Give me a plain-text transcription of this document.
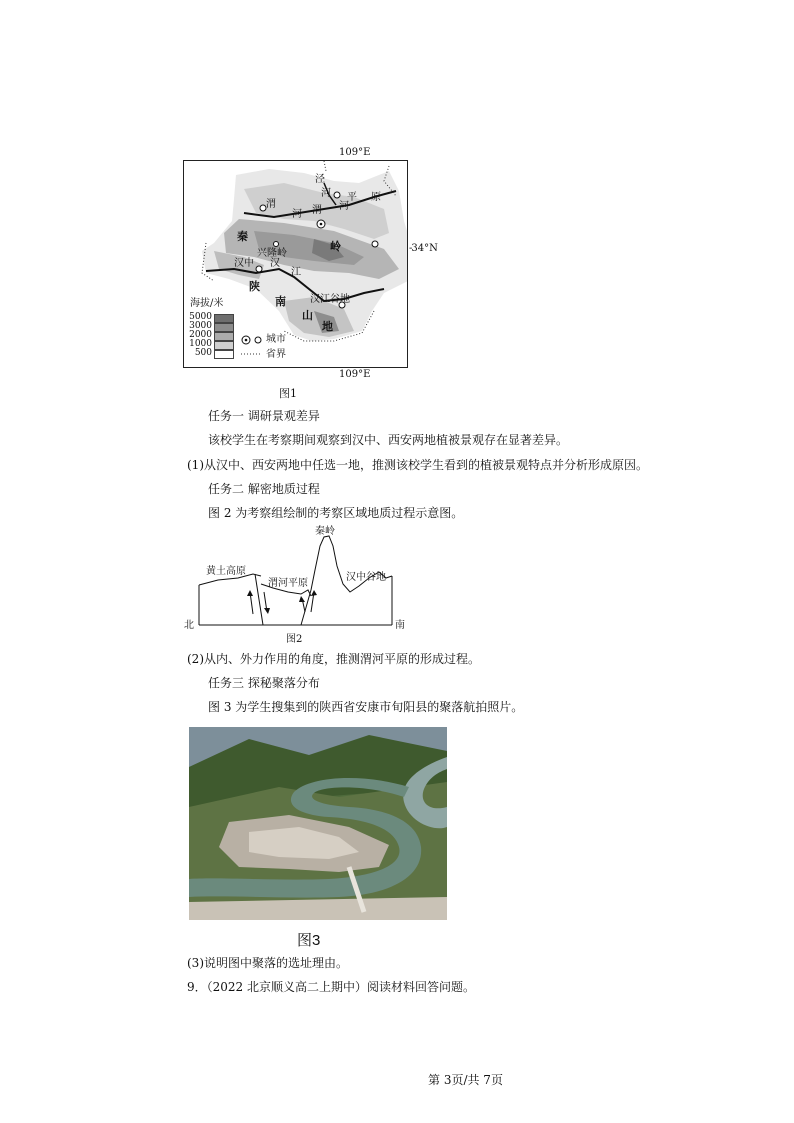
109°E
泾
河 平 原
渭
河 渭 河
秦
岭
兴隆岭
汉中 汉
江
陕
南 汉江谷地
山
地
海拔/米
5000
3000
2000
1000
500
城市
省界
-34°N
109°E
图1
任务一 调研景观差异
该校学生在考察期间观察到汉中、西安两地植被景观存在显著差异。
(1)从汉中、西安两地中任选一地，推测该校学生看到的植被景观特点并分析形成原因。
任务二 解密地质过程
图 2 为考察组绘制的考察区域地质过程示意图。
秦岭
黄土高原
渭河平原
汉中谷地
北	南
图2
(2)从内、外力作用的角度，推测渭河平原的形成过程。
任务三 探秘聚落分布
图 3 为学生搜集到的陕西省安康市旬阳县的聚落航拍照片。
图3
(3)说明图中聚落的选址理由。
9．（2022 北京顺义高二上期中）阅读材料回答问题。
第 3页/共 7页
